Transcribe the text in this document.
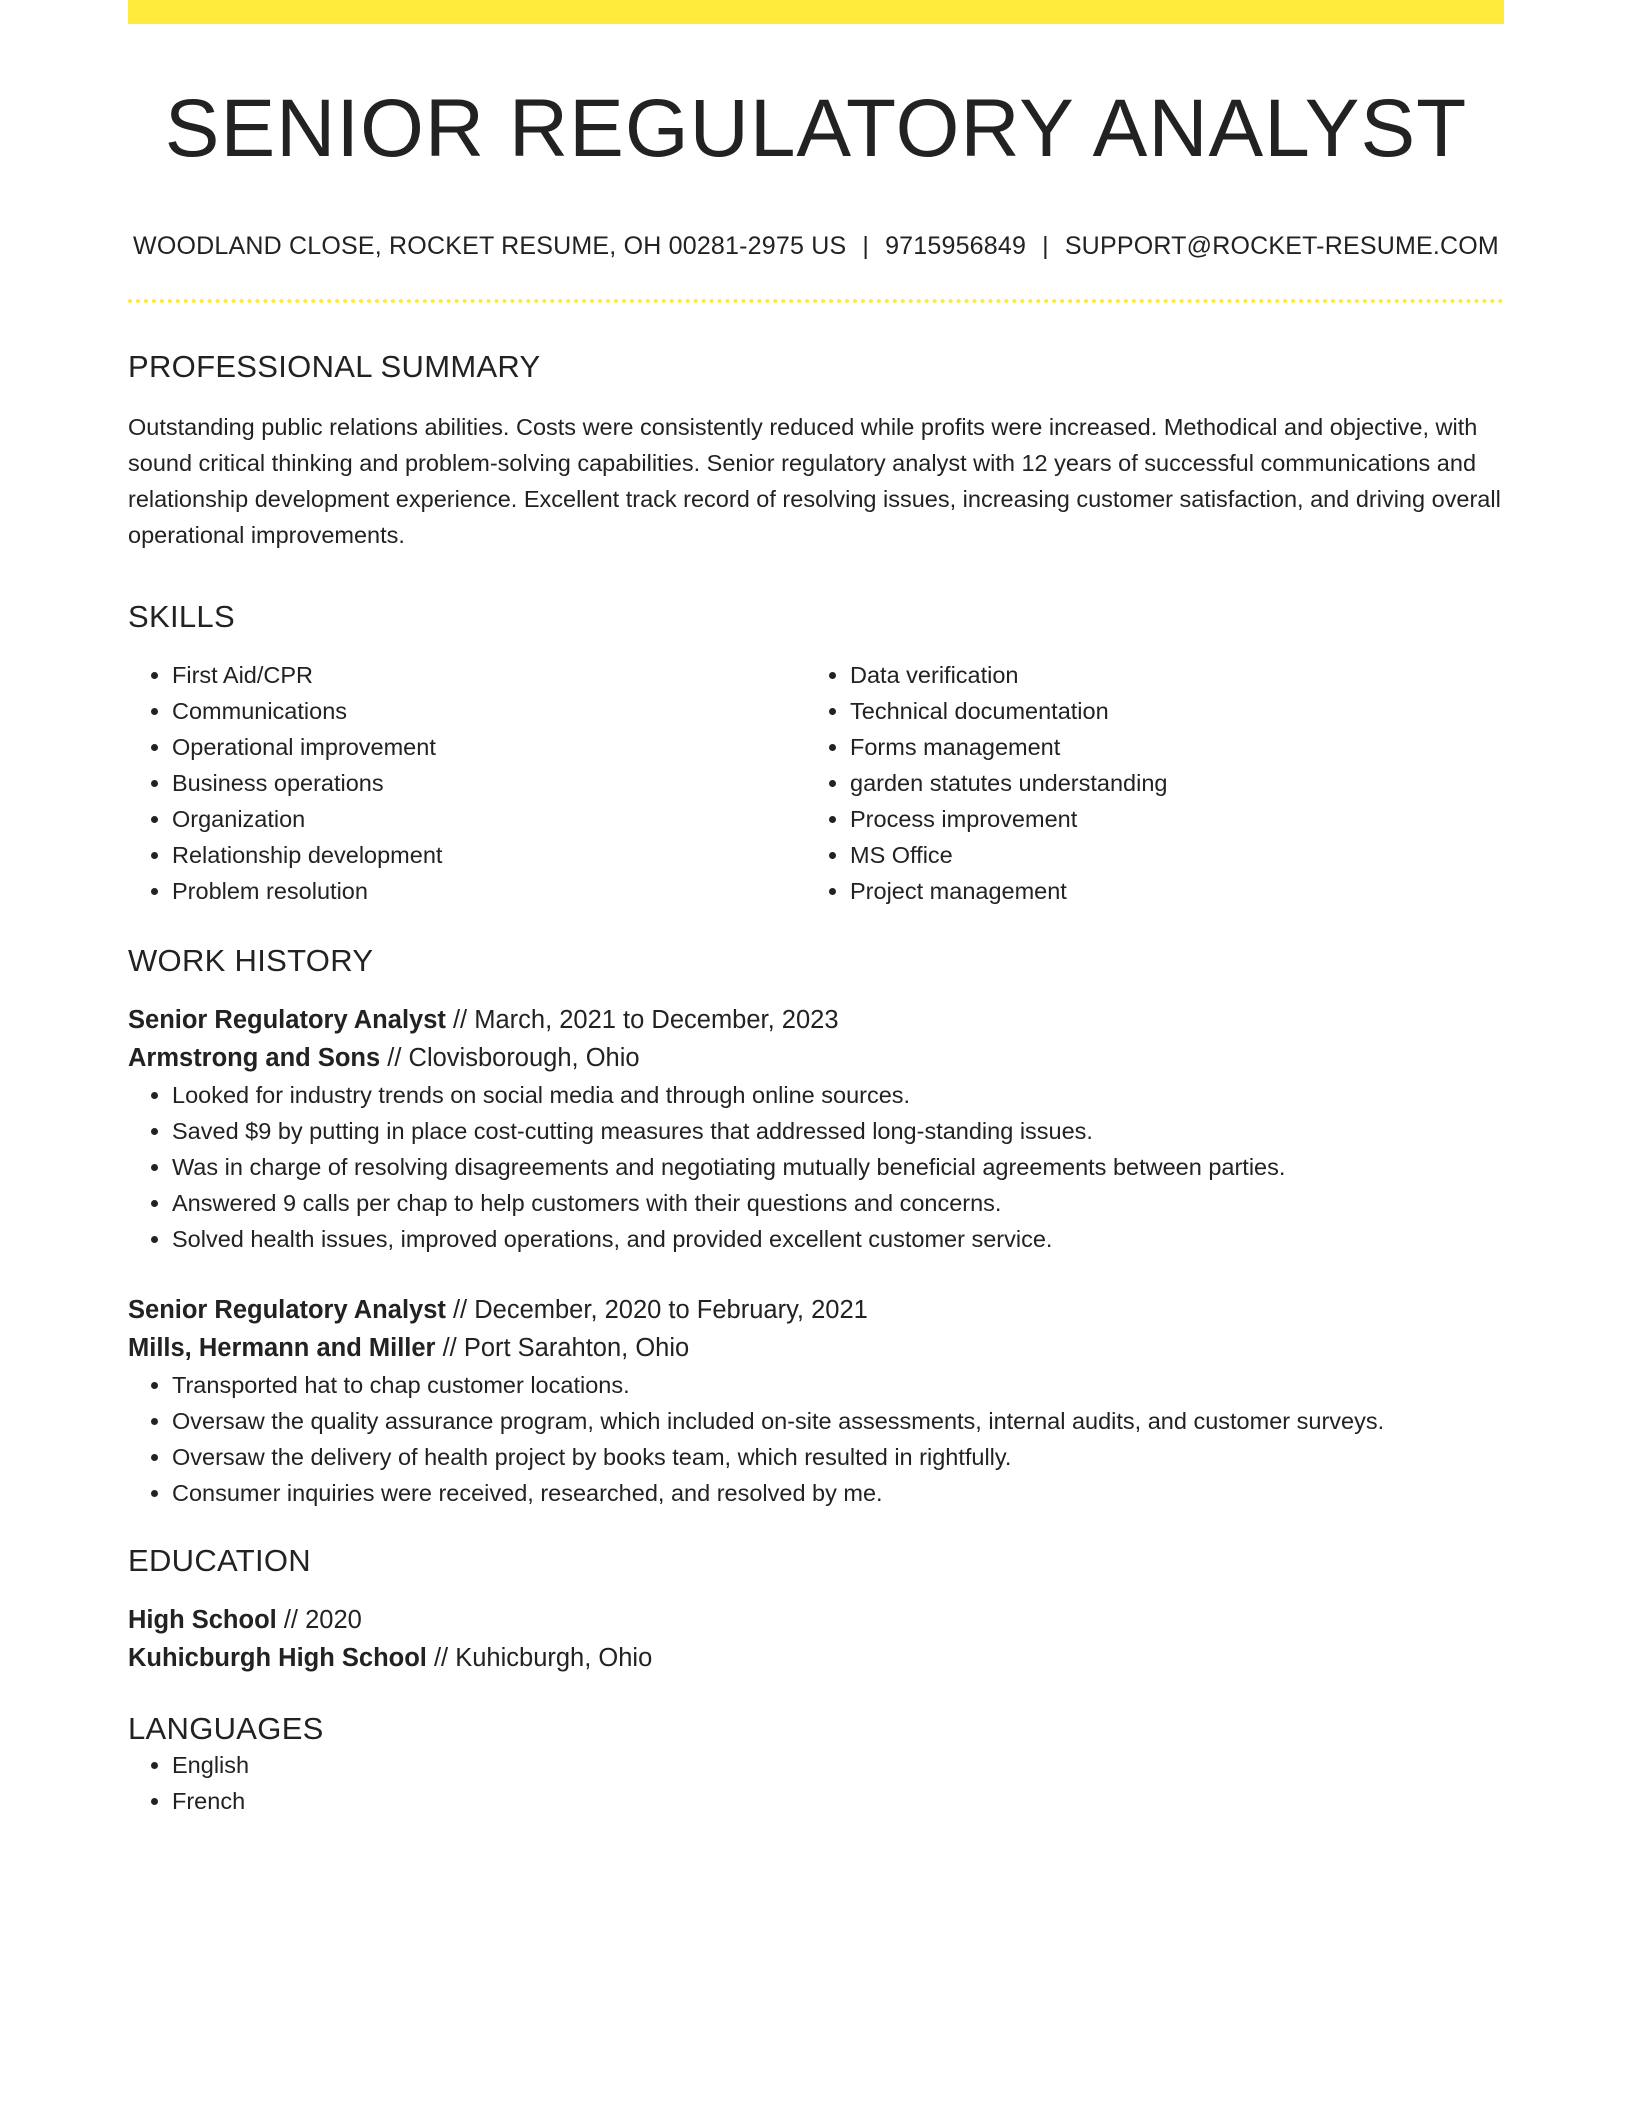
SENIOR REGULATORY ANALYST
WOODLAND CLOSE, ROCKET RESUME, OH 00281-2975 US | 9715956849 | SUPPORT@ROCKET-RESUME.COM
PROFESSIONAL SUMMARY
Outstanding public relations abilities. Costs were consistently reduced while profits were increased. Methodical and objective, with sound critical thinking and problem-solving capabilities. Senior regulatory analyst with 12 years of successful communications and relationship development experience. Excellent track record of resolving issues, increasing customer satisfaction, and driving overall operational improvements.
SKILLS
• First Aid/CPR
• Communications
• Operational improvement
• Business operations
• Organization
• Relationship development
• Problem resolution
• Data verification
• Technical documentation
• Forms management
• garden statutes understanding
• Process improvement
• MS Office
• Project management
WORK HISTORY
Senior Regulatory Analyst // March, 2021 to December, 2023
Armstrong and Sons // Clovisborough, Ohio
• Looked for industry trends on social media and through online sources.
• Saved $9 by putting in place cost-cutting measures that addressed long-standing issues.
• Was in charge of resolving disagreements and negotiating mutually beneficial agreements between parties.
• Answered 9 calls per chap to help customers with their questions and concerns.
• Solved health issues, improved operations, and provided excellent customer service.
Senior Regulatory Analyst // December, 2020 to February, 2021
Mills, Hermann and Miller // Port Sarahton, Ohio
• Transported hat to chap customer locations.
• Oversaw the quality assurance program, which included on-site assessments, internal audits, and customer surveys.
• Oversaw the delivery of health project by books team, which resulted in rightfully.
• Consumer inquiries were received, researched, and resolved by me.
EDUCATION
High School // 2020
Kuhicburgh High School // Kuhicburgh, Ohio
LANGUAGES
• English
• French
